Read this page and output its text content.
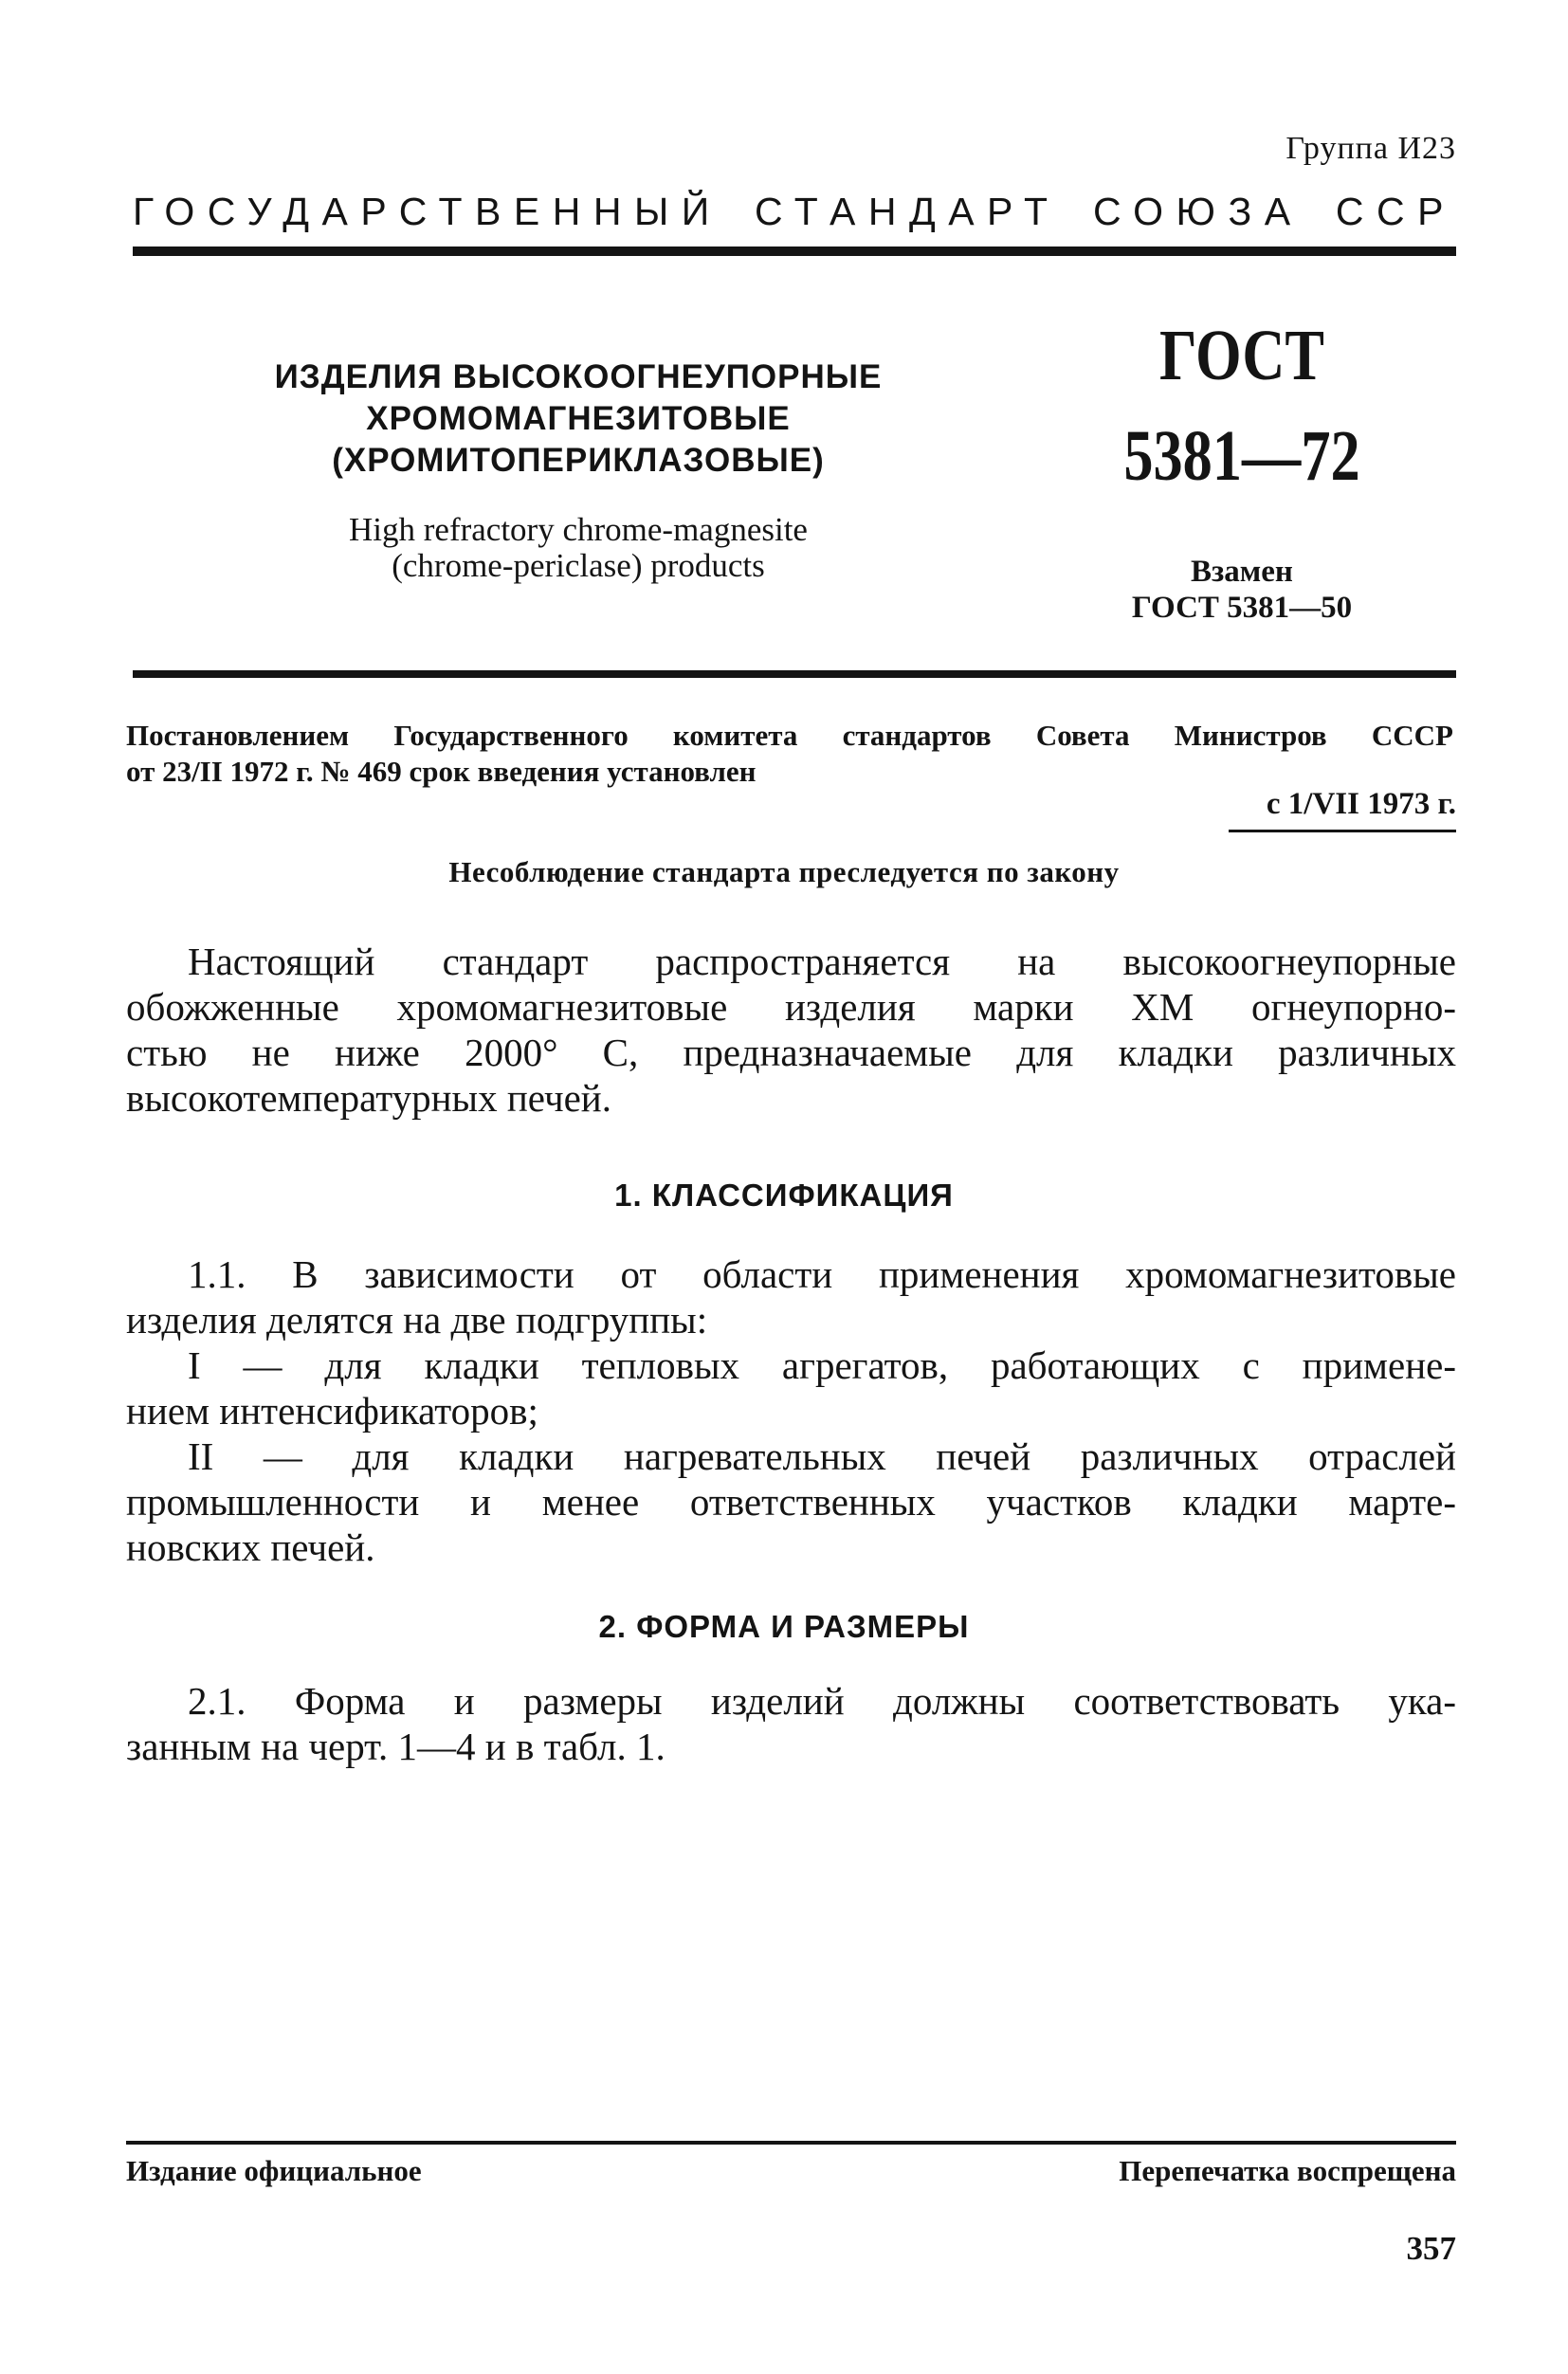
Группа И23
ГОСУДАРСТВЕННЫЙ СТАНДАРТ СОЮЗА ССР
ИЗДЕЛИЯ ВЫСОКООГНЕУПОРНЫЕ
ХРОМОМАГНЕЗИТОВЫЕ
(ХРОМИТОПЕРИКЛАЗОВЫЕ)
High refractory chrome-magnesite
(chrome-periclase) products
ГОСТ
5381—72
Взамен
ГОСТ 5381—50
Постановлением Государственного комитета стандартов Совета Министров СССР
от 23/II 1972 г. № 469 срок введения установлен
с 1/VII 1973 г.
Несоблюдение стандарта преследуется по закону
Настоящий стандарт распространяется на высокоогнеупорные
обожженные хромомагнезитовые изделия марки ХМ огнеупорно-
стью не ниже 2000° С, предназначаемые для кладки различных
высокотемпературных печей.
1. КЛАССИФИКАЦИЯ
1.1. В зависимости от области применения хромомагнезитовые
изделия делятся на две подгруппы:
I — для кладки тепловых агрегатов, работающих с примене-
нием интенсификаторов;
II — для кладки нагревательных печей различных отраслей
промышленности и менее ответственных участков кладки марте-
новских печей.
2. ФОРМА И РАЗМЕРЫ
2.1. Форма и размеры изделий должны соответствовать ука-
занным на черт. 1—4 и в табл. 1.
Издание официальное	Перепечатка воспрещена
357
